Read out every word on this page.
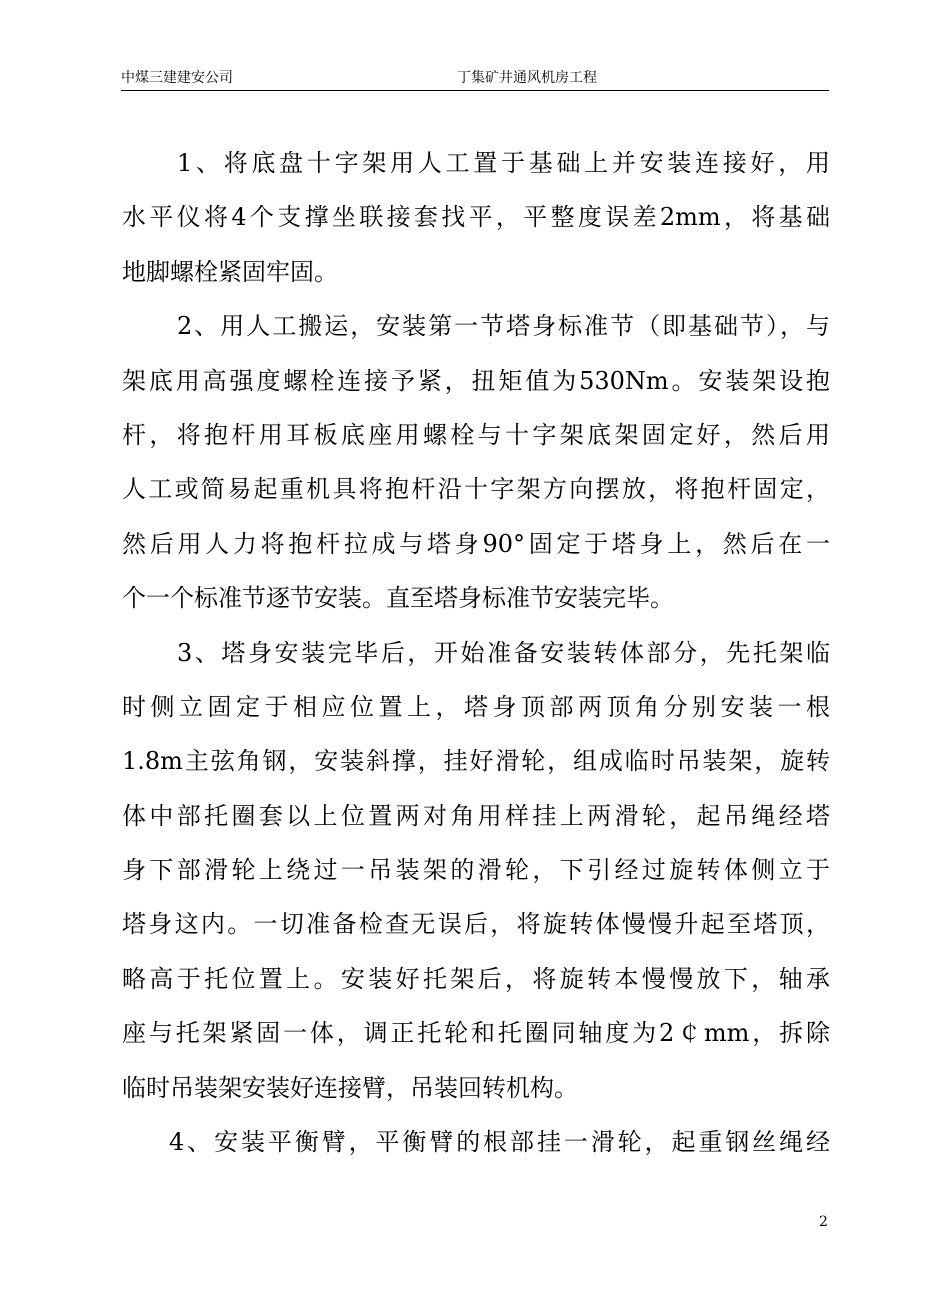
中煤三建建安公司	丁集矿井通风机房工程
1、将底盘十字架用人工置于基础上并安装连接好，用
水平仪将4个支撑坐联接套找平，平整度误差2mm，将基础
地脚螺栓紧固牢固。
2、用人工搬运，安装第一节塔身标准节（即基础节），与
架底用高强度螺栓连接予紧，扭矩值为530Nm。安装架设抱
杆，将抱杆用耳板底座用螺栓与十字架底架固定好，然后用
人工或简易起重机具将抱杆沿十字架方向摆放，将抱杆固定，
然后用人力将抱杆拉成与塔身90°固定于塔身上，然后在一
个一个标准节逐节安装。直至塔身标准节安装完毕。
3、塔身安装完毕后，开始准备安装转体部分，先托架临
时侧立固定于相应位置上，塔身顶部两顶角分别安装一根
1.8m主弦角钢，安装斜撑，挂好滑轮，组成临时吊装架，旋转
体中部托圈套以上位置两对角用样挂上两滑轮，起吊绳经塔
身下部滑轮上绕过一吊装架的滑轮，下引经过旋转体侧立于
塔身这内。一切准备检查无误后，将旋转体慢慢升起至塔顶，
略高于托位置上。安装好托架后，将旋转本慢慢放下，轴承
座与托架紧固一体，调正托轮和托圈同轴度为2￠mm，拆除
临时吊装架安装好连接臂，吊装回转机构。
4、安装平衡臂，平衡臂的根部挂一滑轮，起重钢丝绳经
2
